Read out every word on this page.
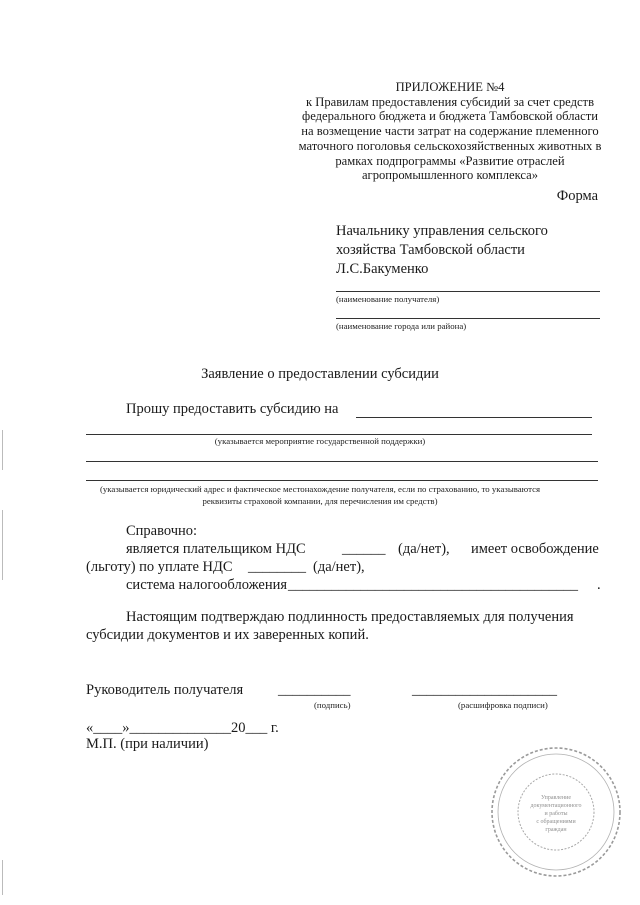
ПРИЛОЖЕНИЕ №4
к Правилам предоставления субсидий за счет средств
федерального бюджета и бюджета Тамбовской области
на возмещение части затрат на содержание племенного
маточного поголовья сельскохозяйственных животных в
рамках подпрограммы «Развитие отраслей
агропромышленного комплекса»
Форма
Начальнику управления сельского
хозяйства Тамбовской области
Л.С.Бакуменко
(наименование получателя)
(наименование города или района)
Заявление о предоставлении субсидии
Прошу предоставить субсидию на
(указывается мероприятие государственной поддержки)
(указывается юридический адрес и фактическое местонахождение получателя, если по страхованию, то указываются
реквизиты страховой компании, для перечисления им средств)
Справочно:
является плательщиком НДС	______ (да/нет), имеет освобождение
(льготу) по уплате НДС ________ (да/нет),
система налогообложения ________________________________________ .
Настоящим подтверждаю подлинность предоставляемых для получения
субсидии документов и их заверенных копий.
Руководитель получателя __________
(подпись)
____________________
(расшифровка подписи)
«____»______________20___ г.
М.П. (при наличии)
Управление
документационного
и работы
с обращениями
граждан
